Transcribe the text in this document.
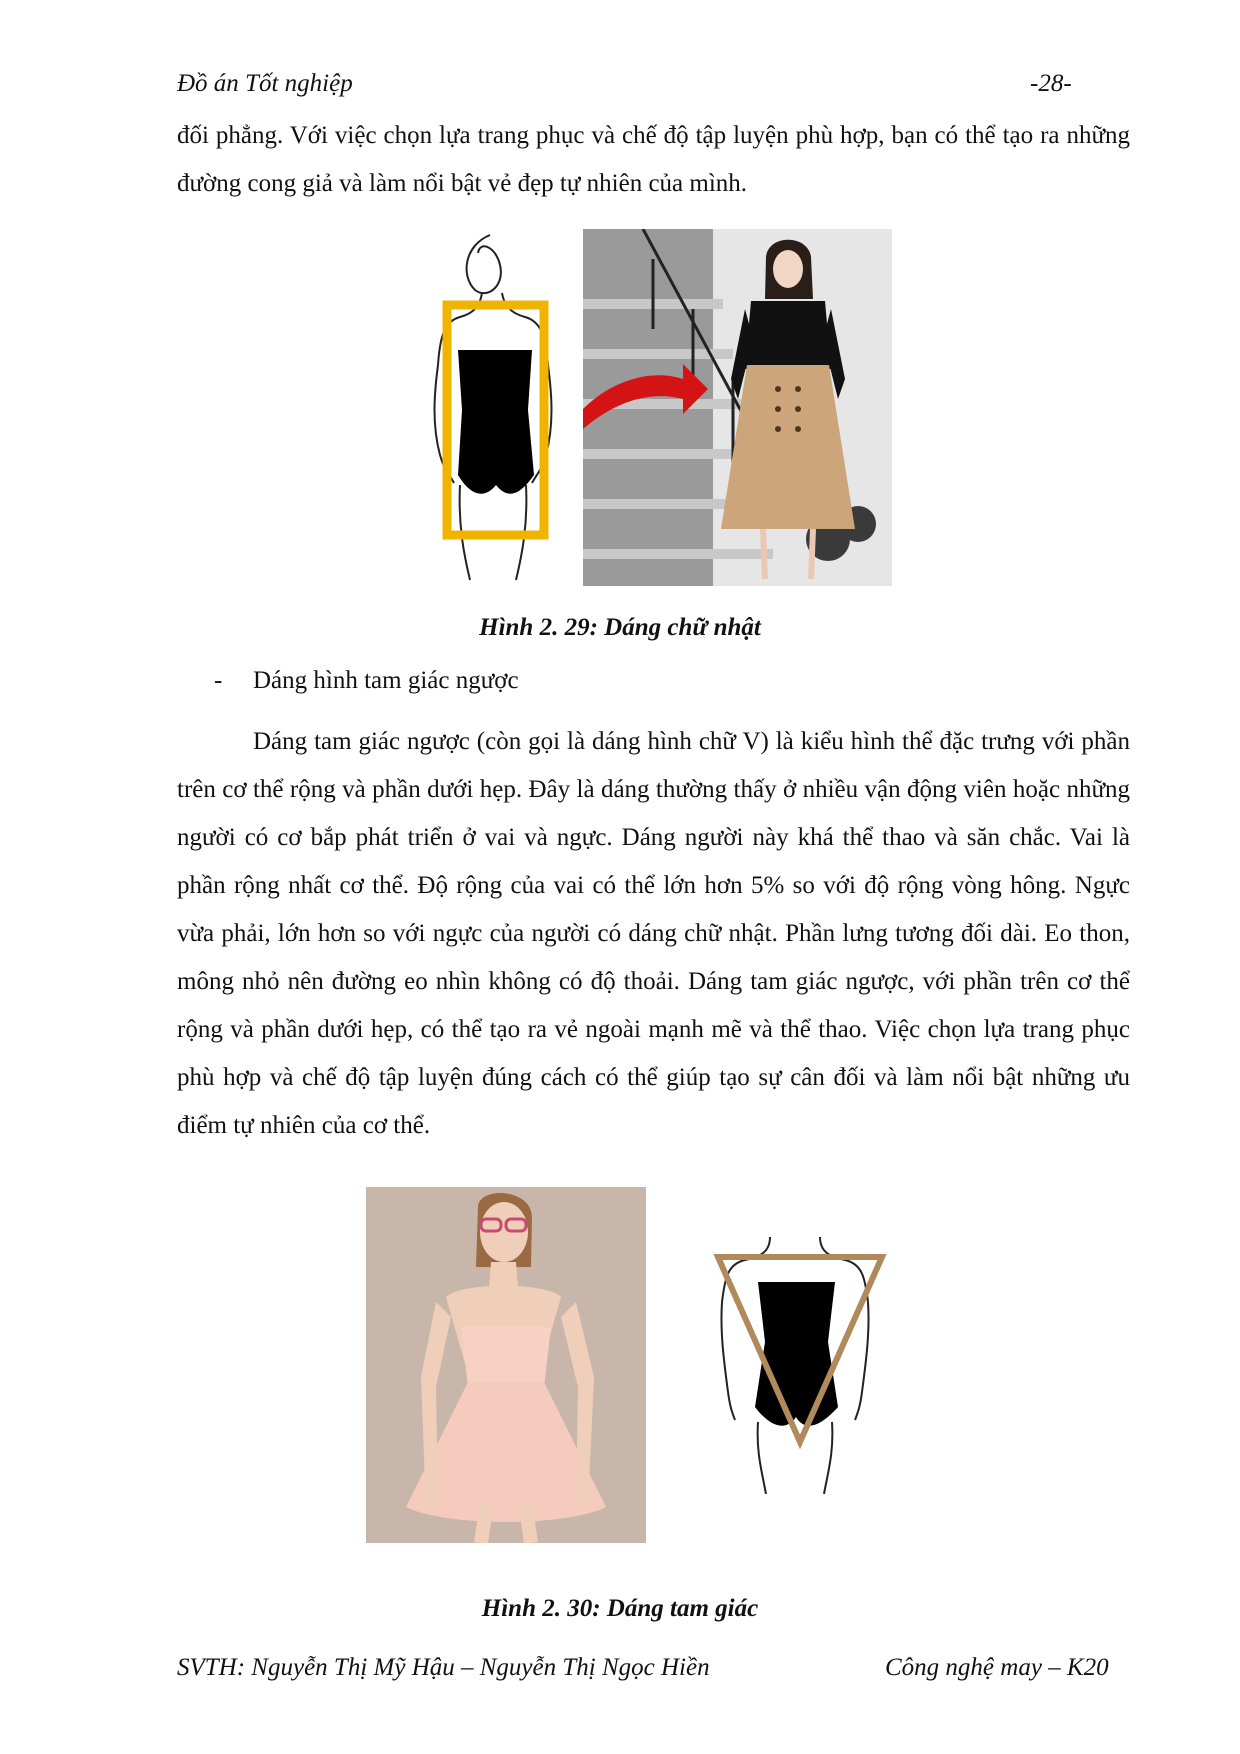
Đồ án Tốt nghiệp	-28-

đối phẳng. Với việc chọn lựa trang phục và chế độ tập luyện phù hợp, bạn có thể tạo ra những đường cong giả và làm nổi bật vẻ đẹp tự nhiên của mình.

Hình 2. 29: Dáng chữ nhật
- Dáng hình tam giác ngược

Dáng tam giác ngược (còn gọi là dáng hình chữ V) là kiểu hình thể đặc trưng với phần trên cơ thể rộng và phần dưới hẹp. Đây là dáng thường thấy ở nhiều vận động viên hoặc những người có cơ bắp phát triển ở vai và ngực. Dáng người này khá thể thao và săn chắc. Vai là phần rộng nhất cơ thể. Độ rộng của vai có thể lớn hơn 5% so với độ rộng vòng hông. Ngực vừa phải, lớn hơn so với ngực của người có dáng chữ nhật. Phần lưng tương đối dài. Eo thon, mông nhỏ nên đường eo nhìn không có độ thoải. Dáng tam giác ngược, với phần trên cơ thể rộng và phần dưới hẹp, có thể tạo ra vẻ ngoài mạnh mẽ và thể thao. Việc chọn lựa trang phục phù hợp và chế độ tập luyện đúng cách có thể giúp tạo sự cân đối và làm nổi bật những ưu điểm tự nhiên của cơ thể.

Hình 2. 30: Dáng tam giác
SVTH: Nguyễn Thị Mỹ Hậu – Nguyễn Thị Ngọc Hiền	Công nghệ may – K20
